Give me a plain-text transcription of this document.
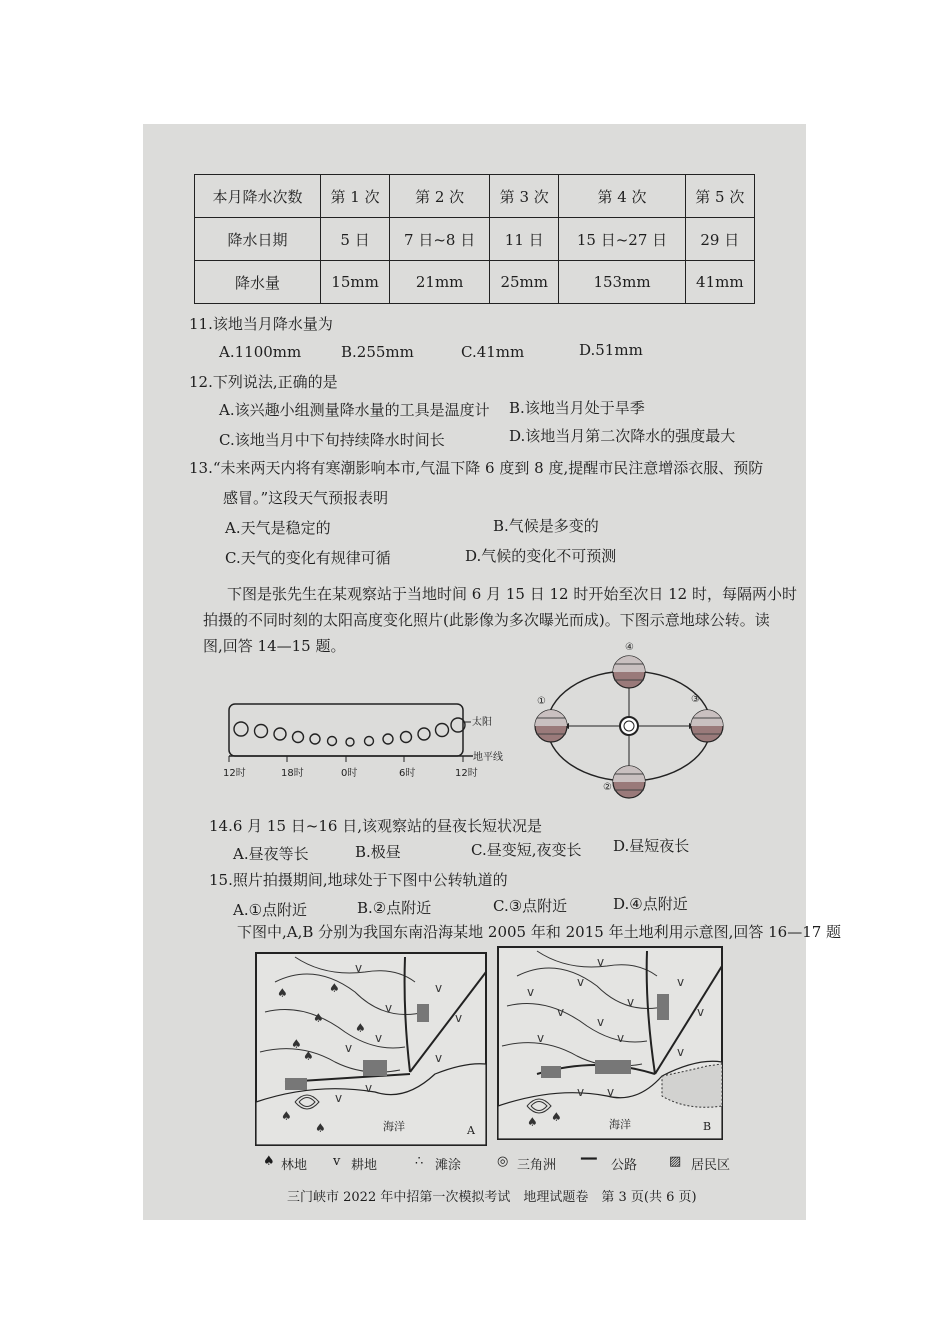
本月降水次数	第 1 次	第 2 次	第 3 次	第 4 次	第 5 次
降水日期	5 日	7 日~8 日	11 日	15 日~27 日	29 日
降水量	15mm	21mm	25mm	153mm	41mm
11.该地当月降水量为
A.1100mm	B.255mm	C.41mm	D.51mm
12.下列说法,正确的是
A.该兴趣小组测量降水量的工具是温度计 B.该地当月处于旱季
C.该地当月中下旬持续降水时间长	D.该地当月第二次降水的强度最大
13.“未来两天内将有寒潮影响本市,气温下降 6 度到 8 度,提醒市民注意增添衣服、预防
感冒。”这段天气预报表明
A.天气是稳定的	B.气候是多变的
C.天气的变化有规律可循	D.气候的变化不可预测
下图是张先生在某观察站于当地时间 6 月 15 日 12 时开始至次日 12 时，每隔两小时
拍摄的不同时刻的太阳高度变化照片(此影像为多次曝光而成)。下图示意地球公转。读
图,回答 14—15 题。
太阳
地平线
12时	18时	0时	6时	12时
①
②
③
④
14.6 月 15 日~16 日,该观察站的昼夜长短状况是
A.昼夜等长	B.极昼	C.昼变短,夜变长 D.昼短夜长
15.照片拍摄期间,地球处于下图中公转轨道的
A.①点附近	B.②点附近	C.③点附近	D.④点附近
下图中,A,B 分别为我国东南沿海某地 2005 年和 2015 年土地利用示意图,回答 16—17 题
♠
♠
♠
♠
♠
♠
♠
♠
v
v
v
v
v
v
v
v
v
海洋	A
♠ ♠
v
v
v
v
v
v
v
v v
v
v
v
v
海洋	B
♠ 林地 v 耕地	∴ 滩涂	◎ 三角洲 ━━ 公路 ▨ 居民区
三门峡市 2022 年中招第一次模拟考试　地理试题卷　第 3 页(共 6 页)
